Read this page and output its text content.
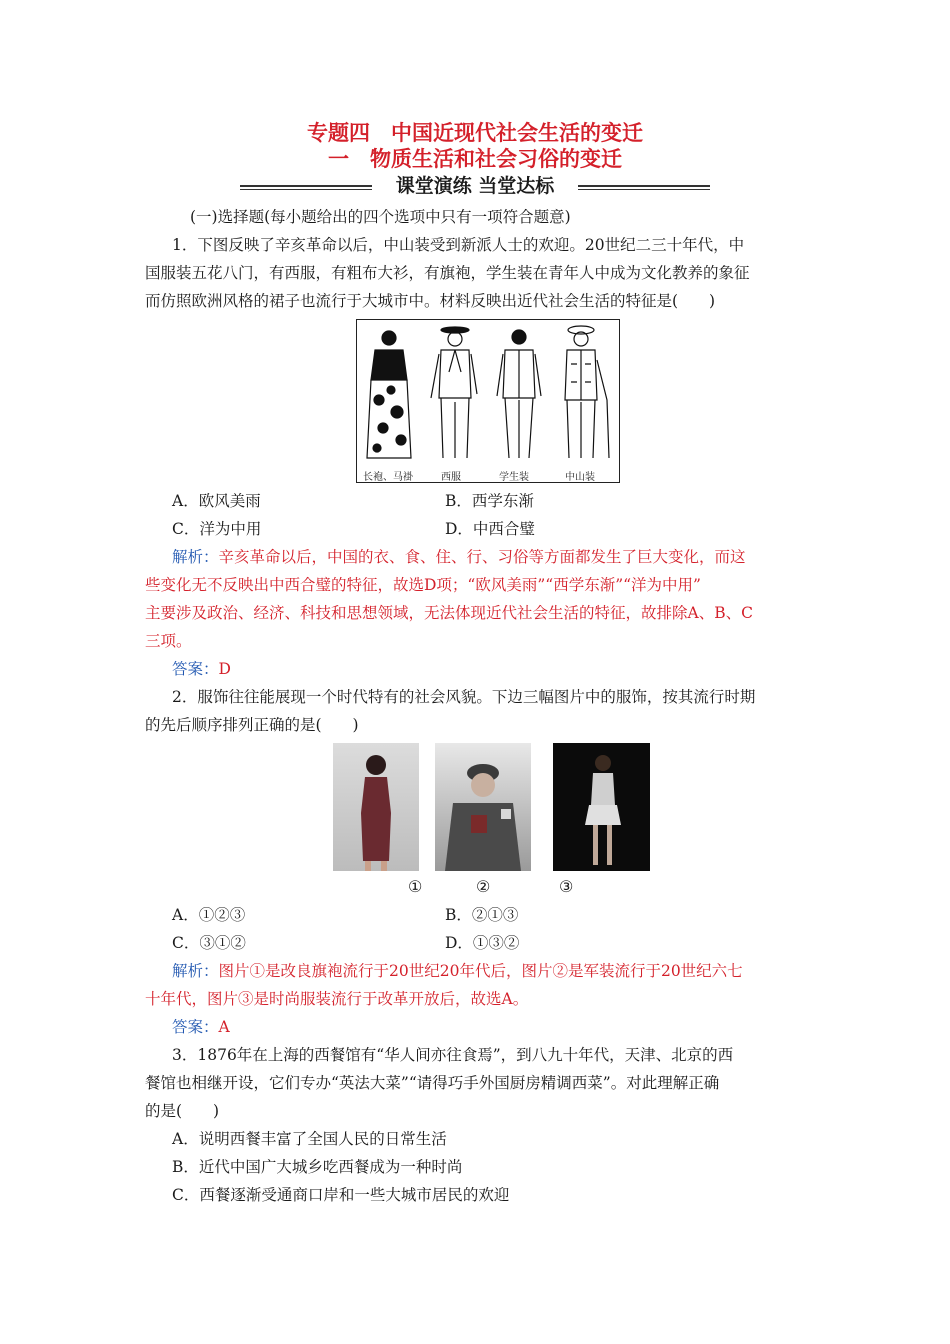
专题四　中国近现代社会生活的变迁
一　物质生活和社会习俗的变迁
课堂演练 当堂达标
(一)选择题(每小题给出的四个选项中只有一项符合题意)
1．下图反映了辛亥革命以后，中山装受到新派人士的欢迎。20世纪二三十年代，中
国服装五花八门，有西服，有粗布大衫，有旗袍，学生装在青年人中成为文化教养的象征
而仿照欧洲风格的裙子也流行于大城市中。材料反映出近代社会生活的特征是(　　)
长袍、马褂	西服	学生装	中山装
A．欧风美雨	B．西学东渐
C．洋为中用	D．中西合璧
解析：辛亥革命以后，中国的衣、食、住、行、习俗等方面都发生了巨大变化，而这
些变化无不反映出中西合璧的特征，故选D项；“欧风美雨”“西学东渐”“洋为中用”
主要涉及政治、经济、科技和思想领域，无法体现近代社会生活的特征，故排除A、B、C
三项。
答案：D
2．服饰往往能展现一个时代特有的社会风貌。下边三幅图片中的服饰，按其流行时期
的先后顺序排列正确的是(　　)
①	②	③
A．①②③	B．②①③
C．③①②	D．①③②
解析：图片①是改良旗袍流行于20世纪20年代后，图片②是军装流行于20世纪六七
十年代，图片③是时尚服装流行于改革开放后，故选A。
答案：A
3．1876年在上海的西餐馆有“华人间亦往食焉”，到八九十年代，天津、北京的西
餐馆也相继开设，它们专办“英法大菜”“请得巧手外国厨房精调西菜”。对此理解正确
的是(　　)
A．说明西餐丰富了全国人民的日常生活
B．近代中国广大城乡吃西餐成为一种时尚
C．西餐逐渐受通商口岸和一些大城市居民的欢迎
